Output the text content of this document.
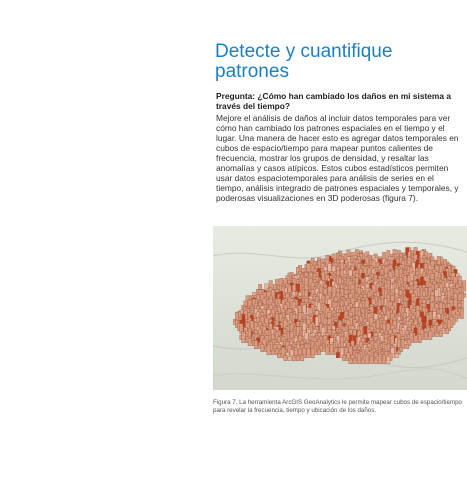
Detecte y cuantifique patrones
Pregunta: ¿Cómo han cambiado los daños en mi sistema a través del tiempo?

Mejore el análisis de daños al incluir datos temporales para ver cómo han cambiado los patrones espaciales en el tiempo y el lugar. Una manera de hacer esto es agregar datos temporales en cubos de espacio/tiempo para mapear puntos calientes de frecuencia, mostrar los grupos de densidad, y resaltar las anomalías y casos atípicos. Estos cubos estadísticos permiten usar datos espaciotemporales para análisis de series en el tiempo, análisis integrado de patrones espaciales y temporales, y poderosas visualizaciones en 3D poderosas (figura 7).

Figura 7. La herramienta ArcGIS GeoAnalytics le permite mapear cubos de espacio/tiempo para revelar la frecuencia, tiempo y ubicación de los daños.
